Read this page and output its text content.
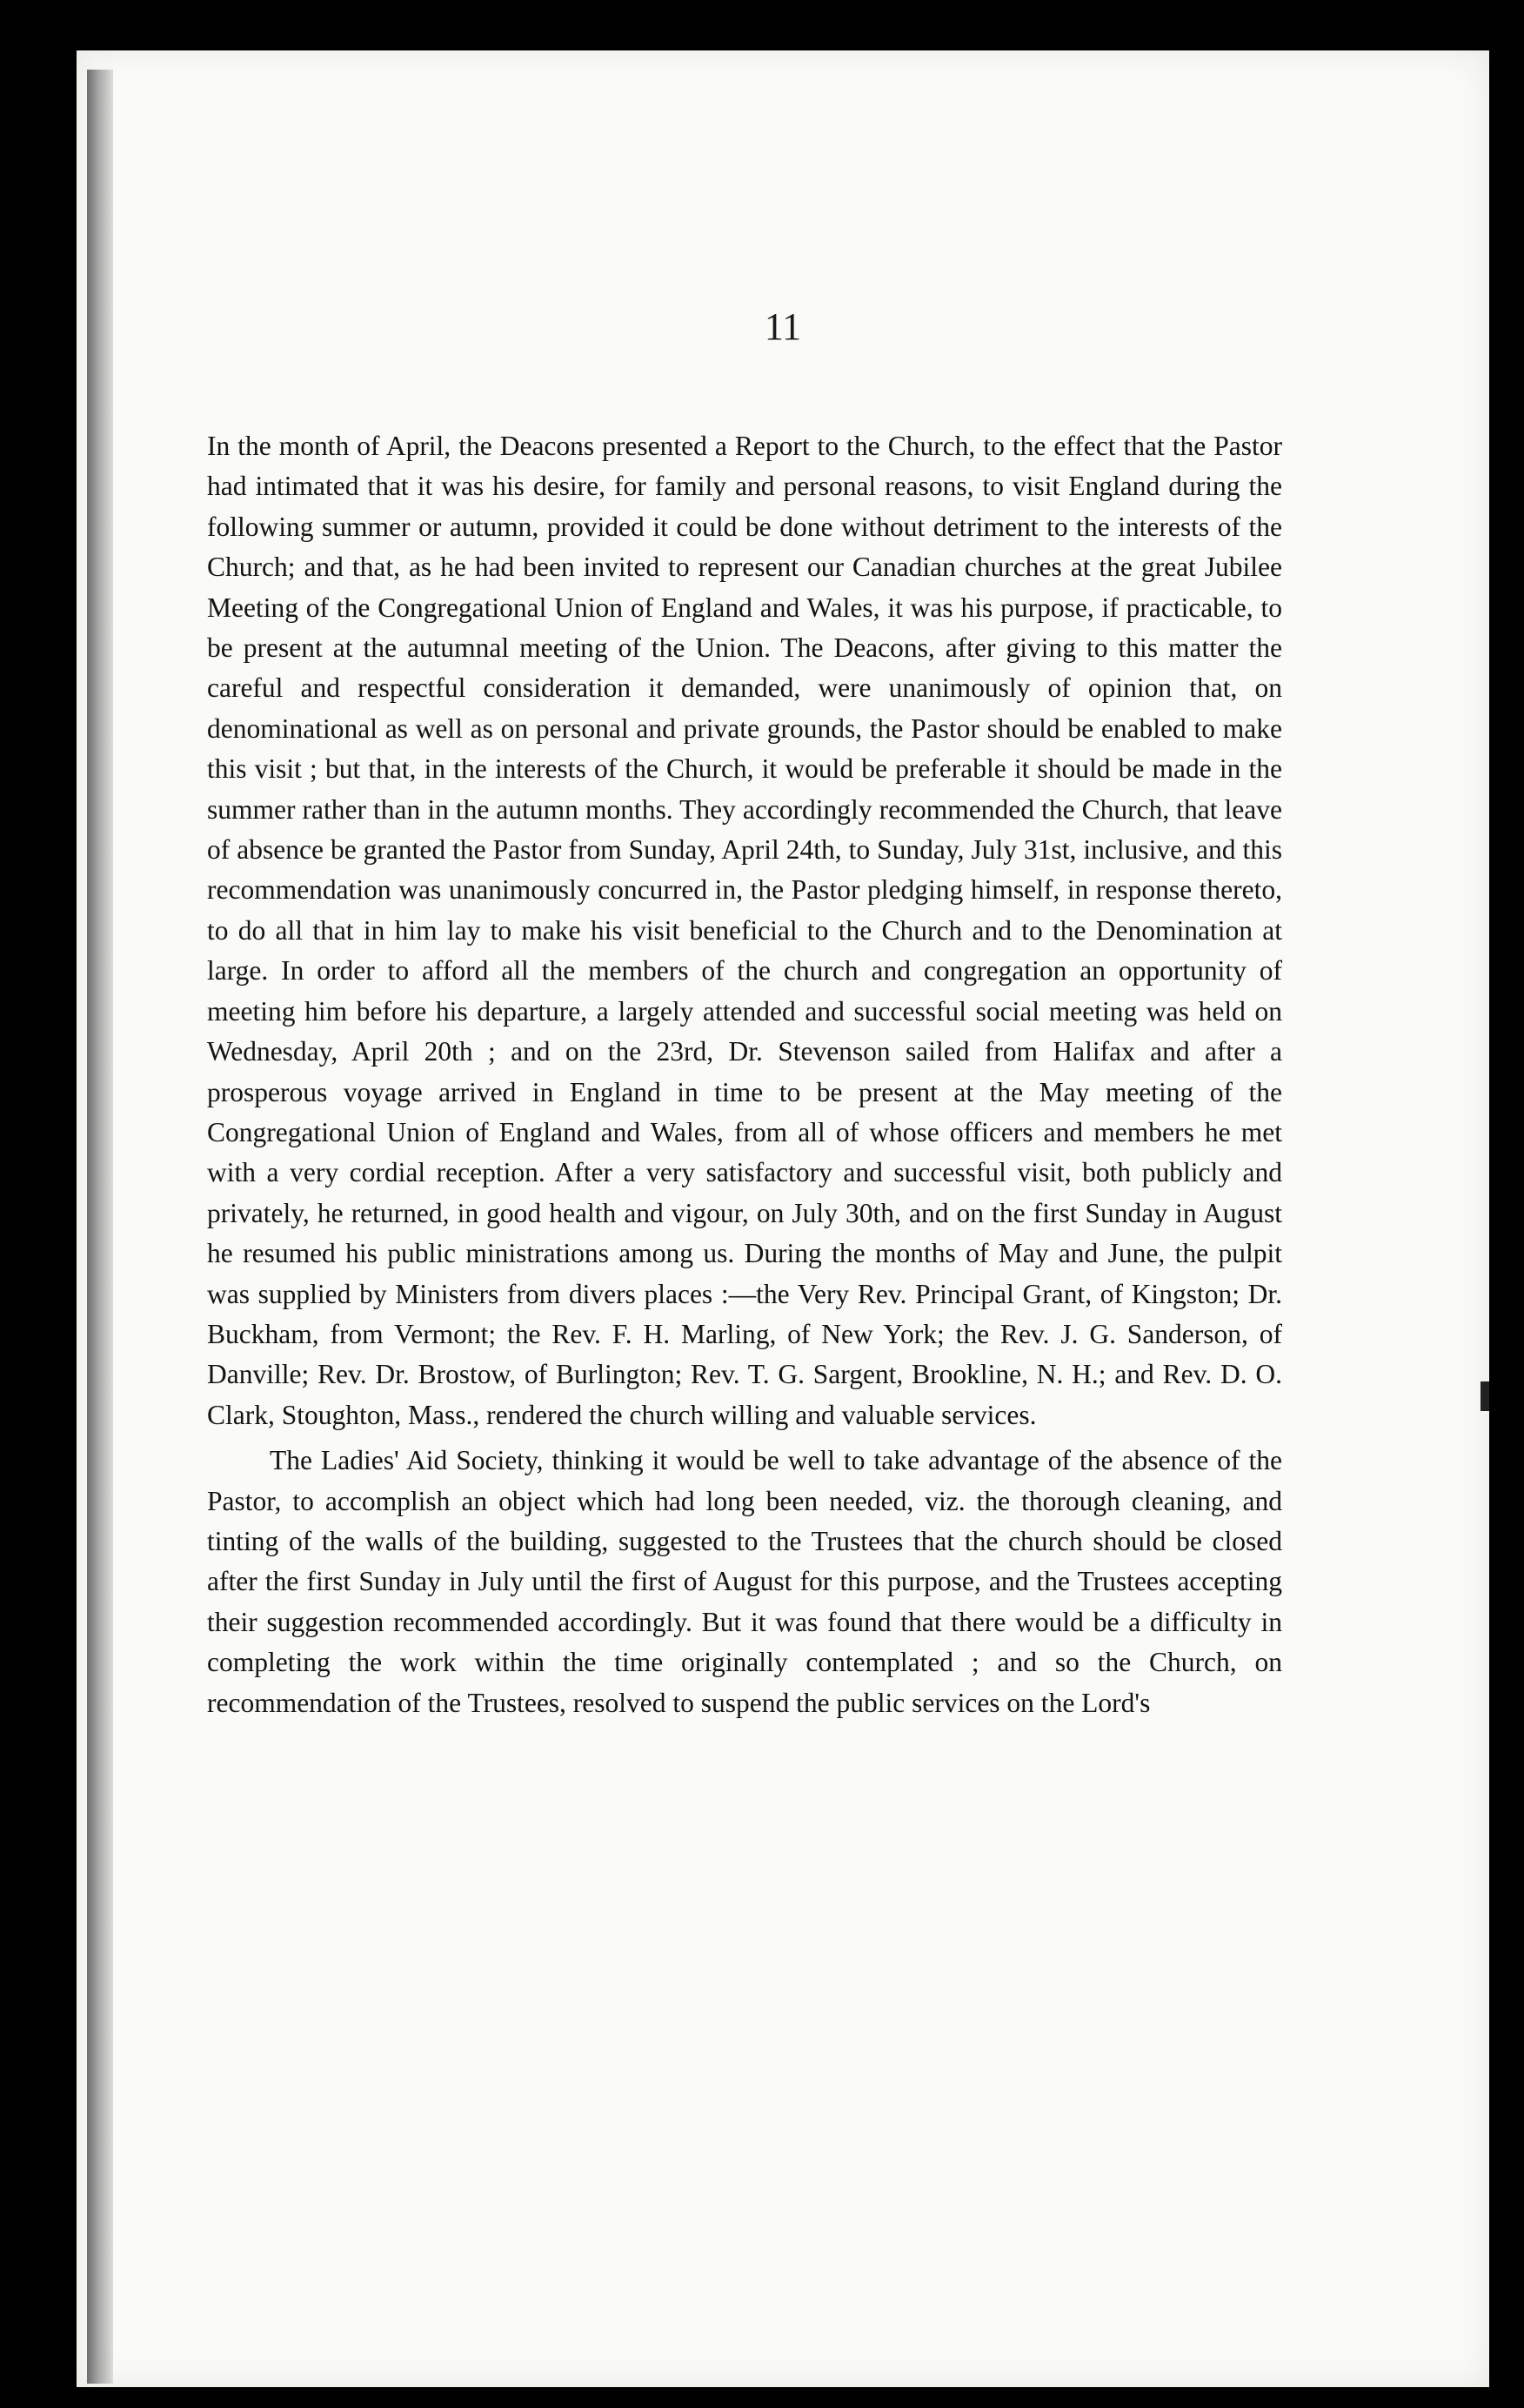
11

In the month of April, the Deacons presented a Report to the Church, to the effect that the Pastor had intimated that it was his desire, for family and personal reasons, to visit England during the following summer or autumn, provided it could be done without detriment to the interests of the Church; and that, as he had been invited to represent our Canadian churches at the great Jubilee Meeting of the Congregational Union of England and Wales, it was his purpose, if practicable, to be present at the autumnal meeting of the Union. The Deacons, after giving to this matter the careful and respectful consideration it demanded, were unanimously of opinion that, on denominational as well as on personal and private grounds, the Pastor should be enabled to make this visit ; but that, in the interests of the Church, it would be preferable it should be made in the summer rather than in the autumn months. They accordingly recommended the Church, that leave of absence be granted the Pastor from Sunday, April 24th, to Sunday, July 31st, inclusive, and this recommendation was unanimously concurred in, the Pastor pledging himself, in response thereto, to do all that in him lay to make his visit beneficial to the Church and to the Denomination at large. In order to afford all the members of the church and congregation an opportunity of meeting him before his departure, a largely attended and successful social meeting was held on Wednesday, April 20th ; and on the 23rd, Dr. Stevenson sailed from Halifax and after a prosperous voyage arrived in England in time to be present at the May meeting of the Congregational Union of England and Wales, from all of whose officers and members he met with a very cordial reception. After a very satisfactory and successful visit, both publicly and privately, he returned, in good health and vigour, on July 30th, and on the first Sunday in August he resumed his public ministrations among us. During the months of May and June, the pulpit was supplied by Ministers from divers places :—the Very Rev. Principal Grant, of Kingston; Dr. Buckham, from Vermont; the Rev. F. H. Marling, of New York; the Rev. J. G. Sanderson, of Danville; Rev. Dr. Brostow, of Burlington; Rev. T. G. Sargent, Brookline, N. H.; and Rev. D. O. Clark, Stoughton, Mass., rendered the church willing and valuable services.

The Ladies' Aid Society, thinking it would be well to take advantage of the absence of the Pastor, to accomplish an object which had long been needed, viz. the thorough cleaning, and tinting of the walls of the building, suggested to the Trustees that the church should be closed after the first Sunday in July until the first of August for this purpose, and the Trustees accepting their suggestion recommended accordingly. But it was found that there would be a difficulty in completing the work within the time originally contemplated ; and so the Church, on recommendation of the Trustees, resolved to suspend the public services on the Lord's
